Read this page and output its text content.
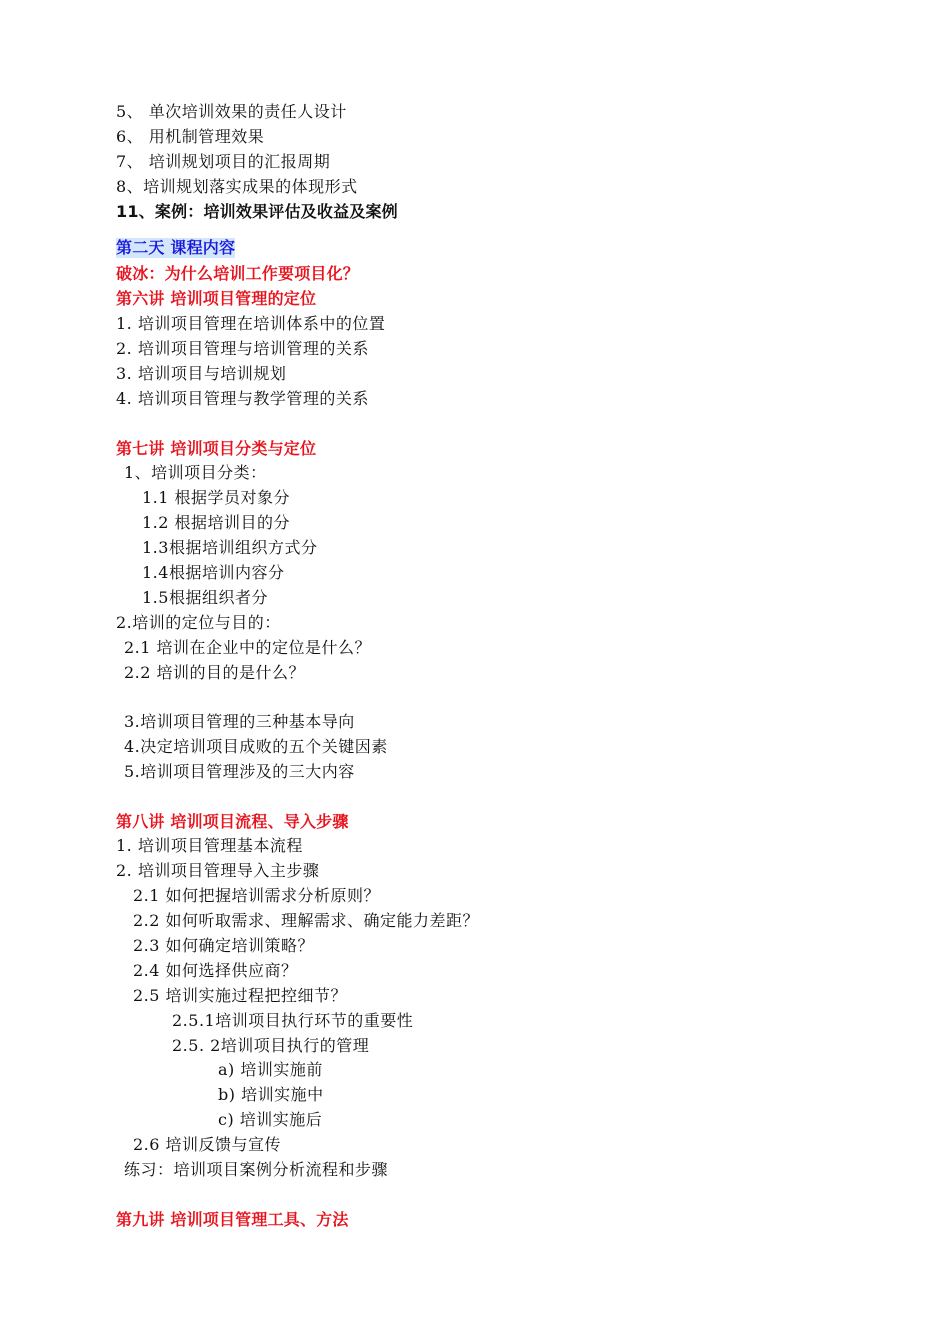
5、 单次培训效果的责任人设计
6、 用机制管理效果
7、 培训规划项目的汇报周期
8、培训规划落实成果的体现形式
11、案例：培训效果评估及收益及案例
第二天 课程内容
破冰：为什么培训工作要项目化？
第六讲 培训项目管理的定位
1. 培训项目管理在培训体系中的位置
2. 培训项目管理与培训管理的关系
3. 培训项目与培训规划
4. 培训项目管理与教学管理的关系
第七讲 培训项目分类与定位
1、培训项目分类：
1.1 根据学员对象分
1.2 根据培训目的分
1.3根据培训组织方式分
1.4根据培训内容分
1.5根据组织者分
2.培训的定位与目的：
2.1 培训在企业中的定位是什么？
2.2 培训的目的是什么？
3.培训项目管理的三种基本导向
4.决定培训项目成败的五个关键因素
5.培训项目管理涉及的三大内容
第八讲 培训项目流程、导入步骤
1. 培训项目管理基本流程
2. 培训项目管理导入主步骤
2.1 如何把握培训需求分析原则？
2.2 如何听取需求、理解需求、确定能力差距？
2.3 如何确定培训策略？
2.4 如何选择供应商？
2.5 培训实施过程把控细节？
2.5.1培训项目执行环节的重要性
2.5. 2培训项目执行的管理
a) 培训实施前
b) 培训实施中
c) 培训实施后
2.6 培训反馈与宣传
练习：培训项目案例分析流程和步骤
第九讲 培训项目管理工具、方法
